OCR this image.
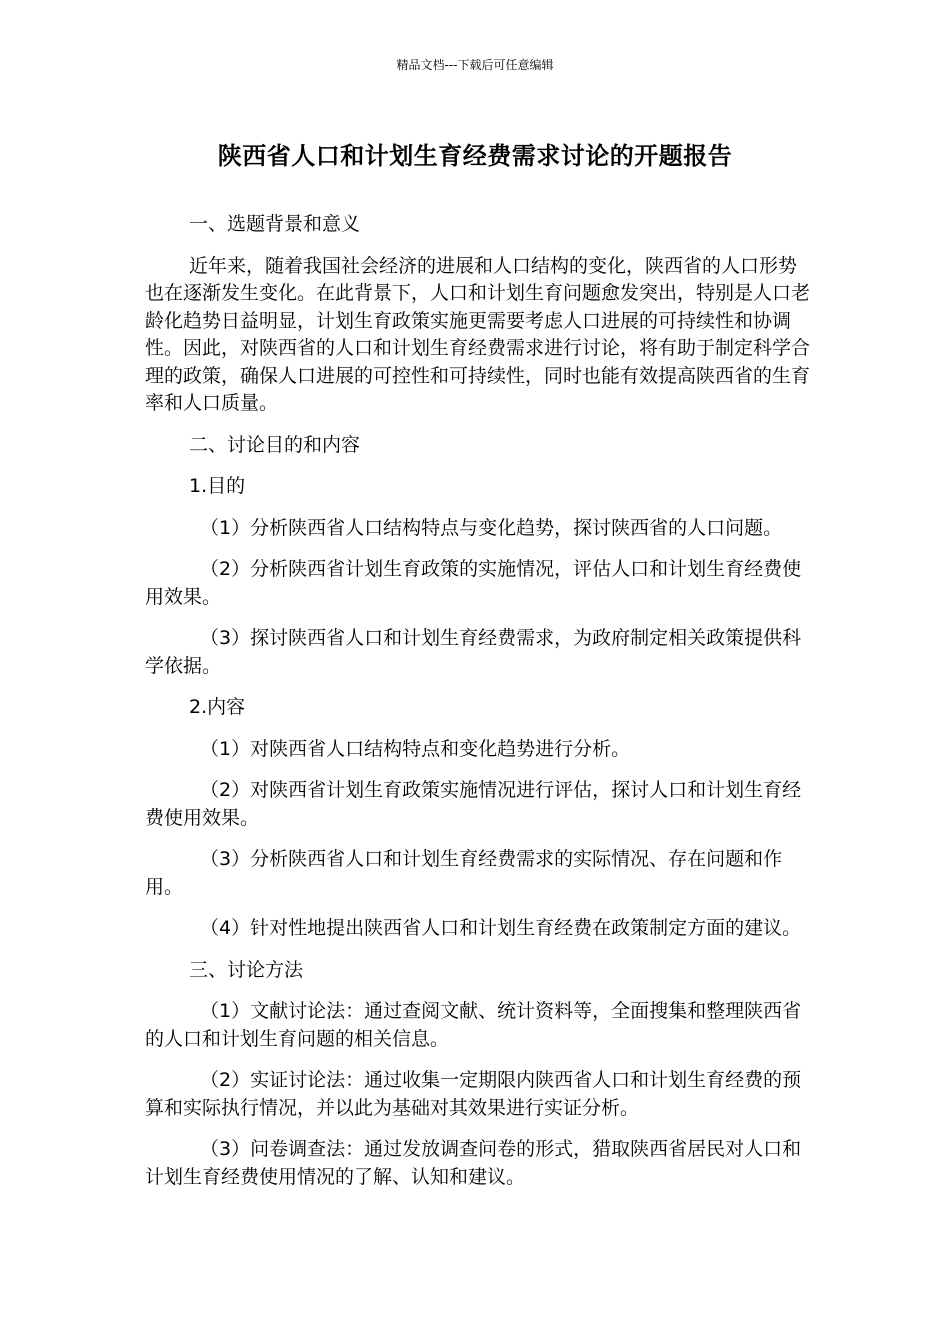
精品文档---下载后可任意编辑
陕西省人口和计划生育经费需求讨论的开题报告

一、选题背景和意义

近年来，随着我国社会经济的进展和人口结构的变化，陕西省的人口形势也在逐渐发生变化。在此背景下，人口和计划生育问题愈发突出，特别是人口老龄化趋势日益明显，计划生育政策实施更需要考虑人口进展的可持续性和协调性。因此，对陕西省的人口和计划生育经费需求进行讨论，将有助于制定科学合理的政策，确保人口进展的可控性和可持续性，同时也能有效提高陕西省的生育率和人口质量。

二、讨论目的和内容

1.目的

（1）分析陕西省人口结构特点与变化趋势，探讨陕西省的人口问题。

（2）分析陕西省计划生育政策的实施情况，评估人口和计划生育经费使用效果。

（3）探讨陕西省人口和计划生育经费需求，为政府制定相关政策提供科学依据。

2.内容

（1）对陕西省人口结构特点和变化趋势进行分析。

（2）对陕西省计划生育政策实施情况进行评估，探讨人口和计划生育经费使用效果。

（3）分析陕西省人口和计划生育经费需求的实际情况、存在问题和作用。

（4）针对性地提出陕西省人口和计划生育经费在政策制定方面的建议。

三、讨论方法

（1）文献讨论法：通过查阅文献、统计资料等，全面搜集和整理陕西省的人口和计划生育问题的相关信息。

（2）实证讨论法：通过收集一定期限内陕西省人口和计划生育经费的预算和实际执行情况，并以此为基础对其效果进行实证分析。

（3）问卷调查法：通过发放调查问卷的形式，猎取陕西省居民对人口和计划生育经费使用情况的了解、认知和建议。
